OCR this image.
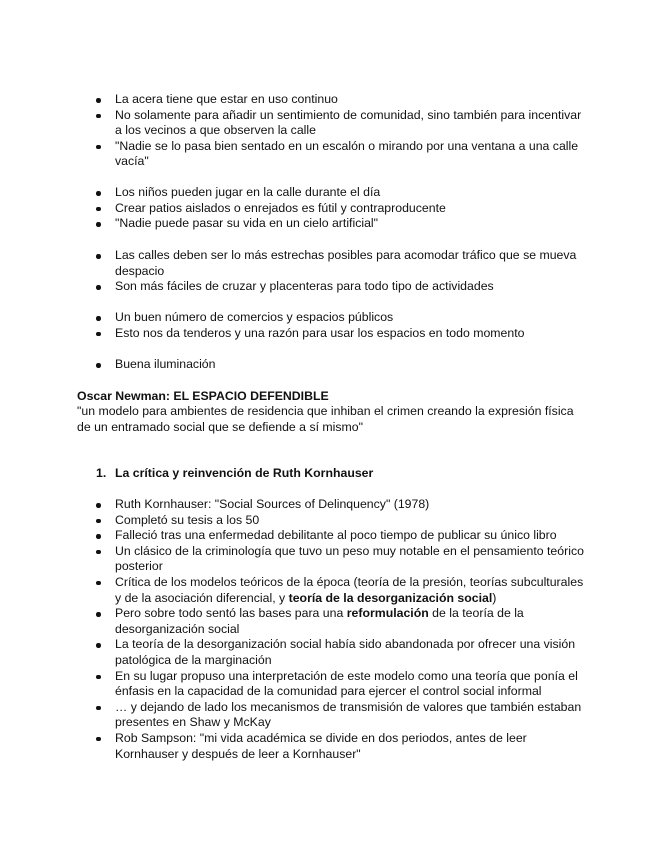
La acera tiene que estar en uso continuo
No solamente para añadir un sentimiento de comunidad, sino también para incentivar a los vecinos a que observen la calle
"Nadie se lo pasa bien sentado en un escalón o mirando por una ventana a una calle vacía"
Los niños pueden jugar en la calle durante el día
Crear patios aislados o enrejados es fútil y contraproducente
"Nadie puede pasar su vida en un cielo artificial"
Las calles deben ser lo más estrechas posibles para acomodar tráfico que se mueva despacio
Son más fáciles de cruzar y placenteras para todo tipo de actividades
Un buen número de comercios y espacios públicos
Esto nos da tenderos y una razón para usar los espacios en todo momento
Buena iluminación
Oscar Newman: EL ESPACIO DEFENDIBLE
"un modelo para ambientes de residencia que inhiban el crimen creando la expresión física de un entramado social que se defiende a sí mismo"
1. La crítica y reinvención de Ruth Kornhauser
Ruth Kornhauser: "Social Sources of Delinquency" (1978)
Completó su tesis a los 50
Falleció tras una enfermedad debilitante al poco tiempo de publicar su único libro
Un clásico de la criminología que tuvo un peso muy notable en el pensamiento teórico posterior
Crítica de los modelos teóricos de la época (teoría de la presión, teorías subculturales y de la asociación diferencial, y teoría de la desorganización social)
Pero sobre todo sentó las bases para una reformulación de la teoría de la desorganización social
La teoría de la desorganización social había sido abandonada por ofrecer una visión patológica de la marginación
En su lugar propuso una interpretación de este modelo como una teoría que ponía el énfasis en la capacidad de la comunidad para ejercer el control social informal
… y dejando de lado los mecanismos de transmisión de valores que también estaban presentes en Shaw y McKay
Rob Sampson: "mi vida académica se divide en dos periodos, antes de leer Kornhauser y después de leer a Kornhauser"
